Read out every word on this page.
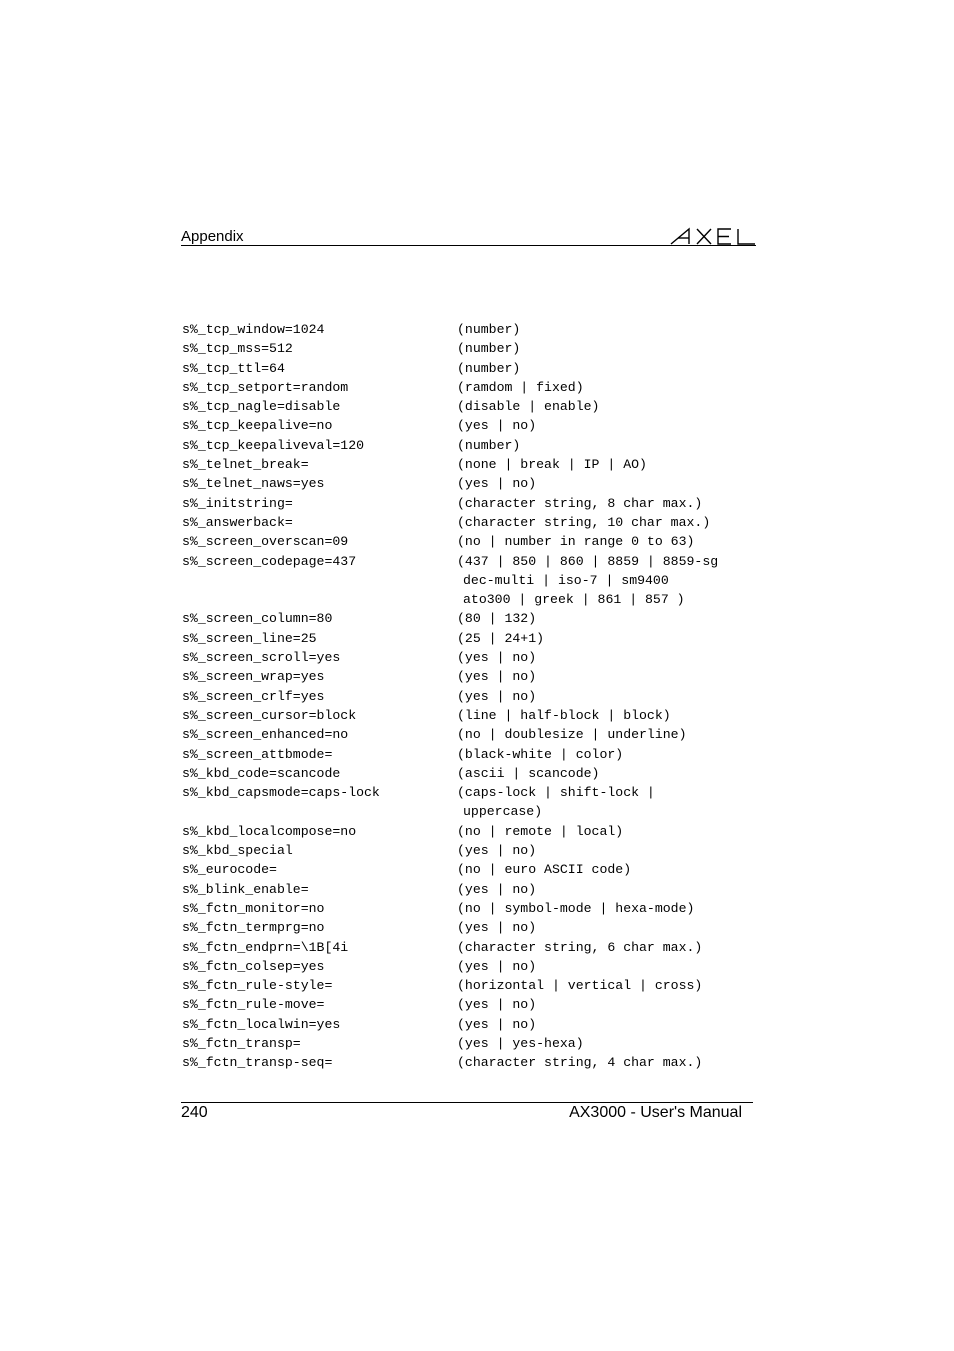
Appendix
s%_tcp_window=1024	(number)
s%_tcp_mss=512	(number)
s%_tcp_ttl=64	(number)
s%_tcp_setport=random	(ramdom | fixed)
s%_tcp_nagle=disable	(disable | enable)
s%_tcp_keepalive=no	(yes | no)
s%_tcp_keepaliveval=120	(number)
s%_telnet_break=	(none | break | IP | AO)
s%_telnet_naws=yes	(yes | no)
s%_initstring=	(character string, 8 char max.)
s%_answerback=	(character string, 10 char max.)
s%_screen_overscan=09	(no | number in range 0 to 63)
s%_screen_codepage=437	(437 | 850 | 860 | 8859 | 8859-sg
dec-multi | iso-7 | sm9400
ato300 | greek | 861 | 857 )
s%_screen_column=80	(80 | 132)
s%_screen_line=25	(25 | 24+1)
s%_screen_scroll=yes	(yes | no)
s%_screen_wrap=yes	(yes | no)
s%_screen_crlf=yes	(yes | no)
s%_screen_cursor=block	(line | half-block | block)
s%_screen_enhanced=no	(no | doublesize | underline)
s%_screen_attbmode=	(black-white | color)
s%_kbd_code=scancode	(ascii | scancode)
s%_kbd_capsmode=caps-lock	(caps-lock | shift-lock |
uppercase)
s%_kbd_localcompose=no	(no | remote | local)
s%_kbd_special	(yes | no)
s%_eurocode=	(no | euro ASCII code)
s%_blink_enable=	(yes | no)
s%_fctn_monitor=no	(no | symbol-mode | hexa-mode)
s%_fctn_termprg=no	(yes | no)
s%_fctn_endprn=\1B[4i	(character string, 6 char max.)
s%_fctn_colsep=yes	(yes | no)
s%_fctn_rule-style=	(horizontal | vertical | cross)
s%_fctn_rule-move=	(yes | no)
s%_fctn_localwin=yes	(yes | no)
s%_fctn_transp=	(yes | yes-hexa)
s%_fctn_transp-seq=	(character string, 4 char max.)
240	AX3000 - User's Manual
